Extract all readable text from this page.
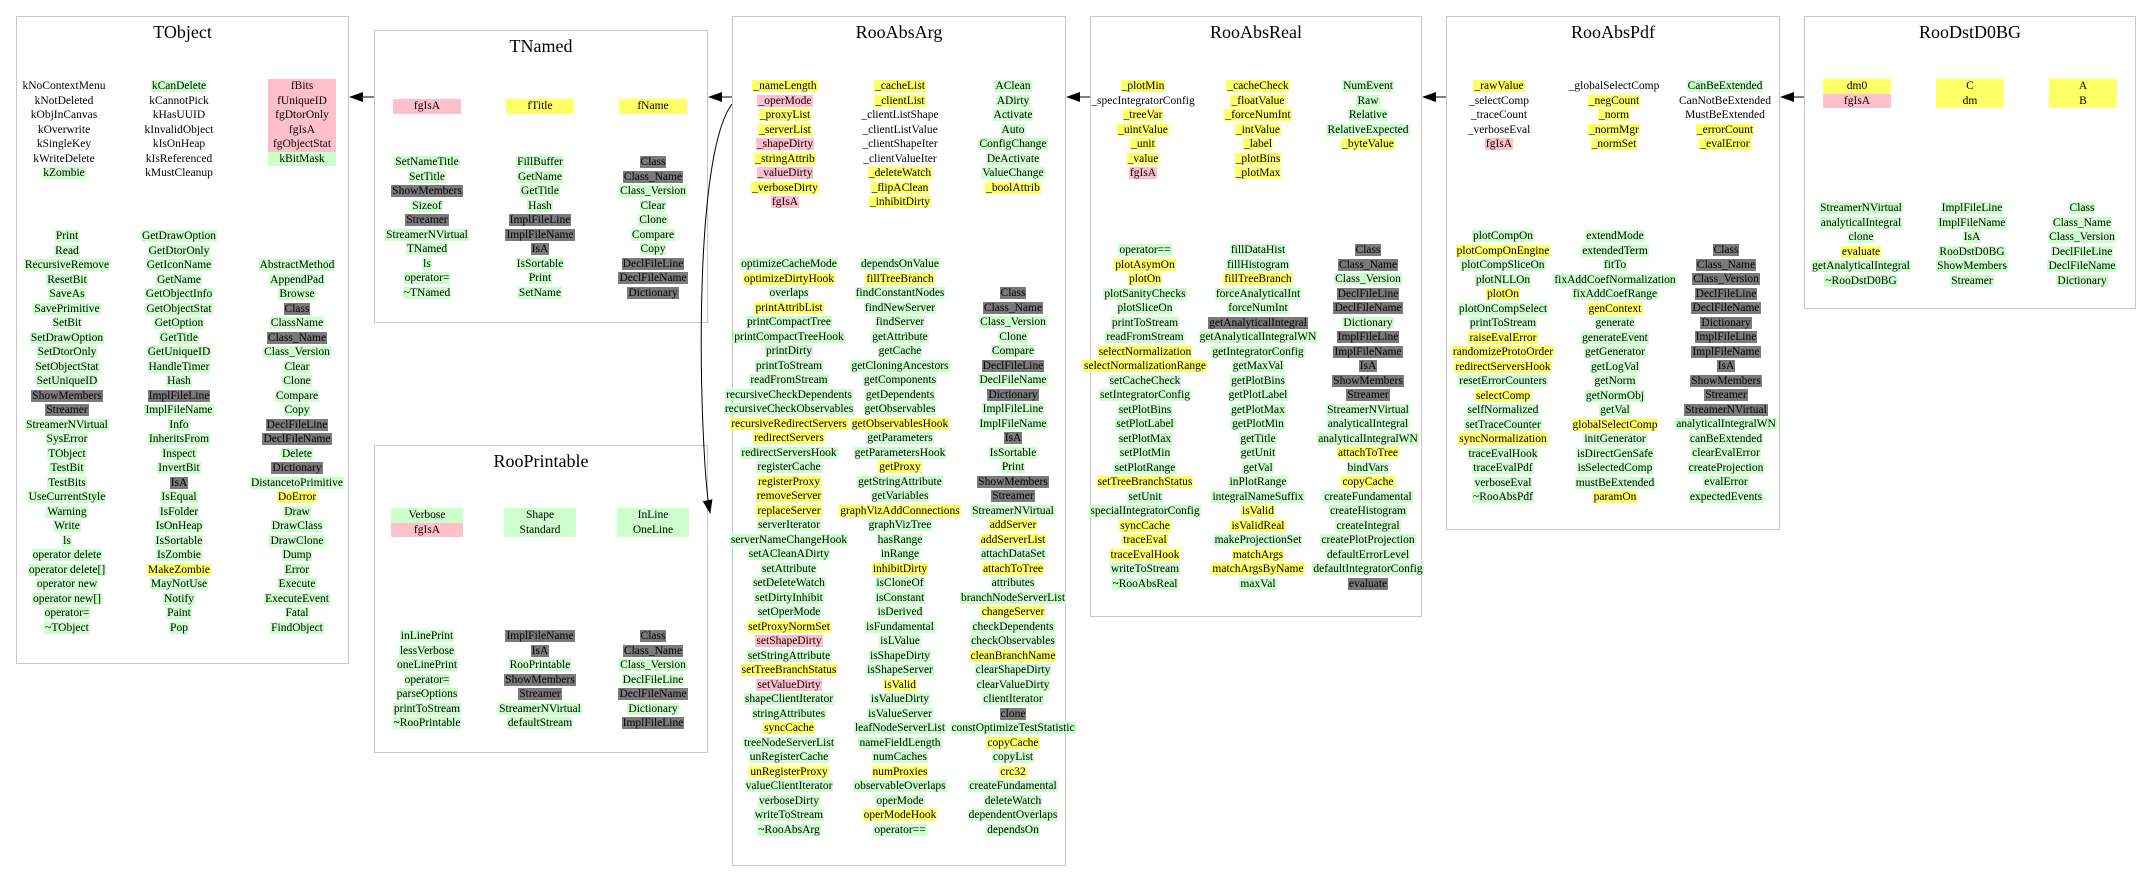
TObject
kNoContextMenu
kNotDeleted
kObjInCanvas
kOverwrite
kSingleKey
kWriteDelete
kZombie
kCanDelete
kCannotPick
kHasUUID
kInvalidObject
kIsOnHeap
kIsReferenced
kMustCleanup
fBits
fUniqueID
fgDtorOnly
fgIsA
fgObjectStat
kBitMask
Print
Read
RecursiveRemove
ResetBit
SaveAs
SavePrimitive
SetBit
SetDrawOption
SetDtorOnly
SetObjectStat
SetUniqueID
ShowMembers
Streamer
StreamerNVirtual
SysError
TObject
TestBit
TestBits
UseCurrentStyle
Warning
Write
ls
operator delete
operator delete[]
operator new
operator new[]
operator=
~TObject
GetDrawOption
GetDtorOnly
GetIconName
GetName
GetObjectInfo
GetObjectStat
GetOption
GetTitle
GetUniqueID
HandleTimer
Hash
ImplFileLine
ImplFileName
Info
InheritsFrom
Inspect
InvertBit
IsA
IsEqual
IsFolder
IsOnHeap
IsSortable
IsZombie
MakeZombie
MayNotUse
Notify
Paint
Pop
AbstractMethod
AppendPad
Browse
Class
ClassName
Class_Name
Class_Version
Clear
Clone
Compare
Copy
DeclFileLine
DeclFileName
Delete
Dictionary
DistancetoPrimitive
DoError
Draw
DrawClass
DrawClone
Dump
Error
Execute
ExecuteEvent
Fatal
FindObject
TNamed
fgIsA	fTitle	fName
SetNameTitle
SetTitle
ShowMembers
Sizeof
Streamer
StreamerNVirtual
TNamed
ls
operator=
~TNamed
FillBuffer
GetName
GetTitle
Hash
ImplFileLine
ImplFileName
IsA
IsSortable
Print
SetName
Class
Class_Name
Class_Version
Clear
Clone
Compare
Copy
DeclFileLine
DeclFileName
Dictionary
RooPrintable
Verbose
fgIsA
Shape
Standard
InLine
OneLine
inLinePrint
lessVerbose
oneLinePrint
operator=
parseOptions
printToStream
~RooPrintable
ImplFileName
IsA
RooPrintable
ShowMembers
Streamer
StreamerNVirtual
defaultStream
Class
Class_Name
Class_Version
DeclFileLine
DeclFileName
Dictionary
ImplFileLine
RooAbsArg
_nameLength
_operMode
_proxyList
_serverList
_shapeDirty
_stringAttrib
_valueDirty
_verboseDirty
fgIsA
_cacheList
_clientList
_clientListShape
_clientListValue
_clientShapeIter
_clientValueIter
_deleteWatch
_flipAClean
_inhibitDirty
AClean
ADirty
Activate
Auto
ConfigChange
DeActivate
ValueChange
_boolAttrib
optimizeCacheMode
optimizeDirtyHook
overlaps
printAttribList
printCompactTree
printCompactTreeHook
printDirty
printToStream
readFromStream
recursiveCheckDependents
recursiveCheckObservables
recursiveRedirectServers
redirectServers
redirectServersHook
registerCache
registerProxy
removeServer
replaceServer
serverIterator
serverNameChangeHook
setACleanADirty
setAttribute
setDeleteWatch
setDirtyInhibit
setOperMode
setProxyNormSet
setShapeDirty
setStringAttribute
setTreeBranchStatus
setValueDirty
shapeClientIterator
stringAttributes
syncCache
treeNodeServerList
unRegisterCache
unRegisterProxy
valueClientIterator
verboseDirty
writeToStream
~RooAbsArg
dependsOnValue
fillTreeBranch
findConstantNodes
findNewServer
findServer
getAttribute
getCache
getCloningAncestors
getComponents
getDependents
getObservables
getObservablesHook
getParameters
getParametersHook
getProxy
getStringAttribute
getVariables
graphVizAddConnections
graphVizTree
hasRange
inRange
inhibitDirty
isCloneOf
isConstant
isDerived
isFundamental
isLValue
isShapeDirty
isShapeServer
isValid
isValueDirty
isValueServer
leafNodeServerList
nameFieldLength
numCaches
numProxies
observableOverlaps
operMode
operModeHook
operator==
Class
Class_Name
Class_Version
Clone
Compare
DeclFileLine
DeclFileName
Dictionary
ImplFileLine
ImplFileName
IsA
IsSortable
Print
ShowMembers
Streamer
StreamerNVirtual
addServer
addServerList
attachDataSet
attachToTree
attributes
branchNodeServerList
changeServer
checkDependents
checkObservables
cleanBranchName
clearShapeDirty
clearValueDirty
clientIterator
clone
constOptimizeTestStatistic
copyCache
copyList
crc32
createFundamental
deleteWatch
dependentOverlaps
dependsOn
RooAbsReal
_plotMin
_specIntegratorConfig
_treeVar
_uintValue
_unit
_value
fgIsA
_cacheCheck
_floatValue
_forceNumInt
_intValue
_label
_plotBins
_plotMax
NumEvent
Raw
Relative
RelativeExpected
_byteValue
operator==
plotAsymOn
plotOn
plotSanityChecks
plotSliceOn
printToStream
readFromStream
selectNormalization
selectNormalizationRange
setCacheCheck
setIntegratorConfig
setPlotBins
setPlotLabel
setPlotMax
setPlotMin
setPlotRange
setTreeBranchStatus
setUnit
specialIntegratorConfig
syncCache
traceEval
traceEvalHook
writeToStream
~RooAbsReal
fillDataHist
fillHistogram
fillTreeBranch
forceAnalyticalInt
forceNumInt
getAnalyticalIntegral
getAnalyticalIntegralWN
getIntegratorConfig
getMaxVal
getPlotBins
getPlotLabel
getPlotMax
getPlotMin
getTitle
getUnit
getVal
inPlotRange
integralNameSuffix
isValid
isValidReal
makeProjectionSet
matchArgs
matchArgsByName
maxVal
Class
Class_Name
Class_Version
DeclFileLine
DeclFileName
Dictionary
ImplFileLine
ImplFileName
IsA
ShowMembers
Streamer
StreamerNVirtual
analyticalIntegral
analyticalIntegralWN
attachToTree
bindVars
copyCache
createFundamental
createHistogram
createIntegral
createPlotProjection
defaultErrorLevel
defaultIntegratorConfig
evaluate
RooAbsPdf
_rawValue
_selectComp
_traceCount
_verboseEval
fgIsA
_globalSelectComp
_negCount
_norm
_normMgr
_normSet
CanBeExtended
CanNotBeExtended
MustBeExtended
_errorCount
_evalError
plotCompOn
plotCompOnEngine
plotCompSliceOn
plotNLLOn
plotOn
plotOnCompSelect
printToStream
raiseEvalError
randomizeProtoOrder
redirectServersHook
resetErrorCounters
selectComp
selfNormalized
setTraceCounter
syncNormalization
traceEvalHook
traceEvalPdf
verboseEval
~RooAbsPdf
extendMode
extendedTerm
fitTo
fixAddCoefNormalization
fixAddCoefRange
genContext
generate
generateEvent
getGenerator
getLogVal
getNorm
getNormObj
getVal
globalSelectComp
initGenerator
isDirectGenSafe
isSelectedComp
mustBeExtended
paramOn
Class
Class_Name
Class_Version
DeclFileLine
DeclFileName
Dictionary
ImplFileLine
ImplFileName
IsA
ShowMembers
Streamer
StreamerNVirtual
analyticalIntegralWN
canBeExtended
clearEvalError
createProjection
evalError
expectedEvents
RooDstD0BG
dm0
fgIsA
C
dm
A
B
StreamerNVirtual
analyticalIntegral
clone
evaluate
getAnalyticalIntegral
~RooDstD0BG
ImplFileLine
ImplFileName
IsA
RooDstD0BG
ShowMembers
Streamer
Class
Class_Name
Class_Version
DeclFileLine
DeclFileName
Dictionary
